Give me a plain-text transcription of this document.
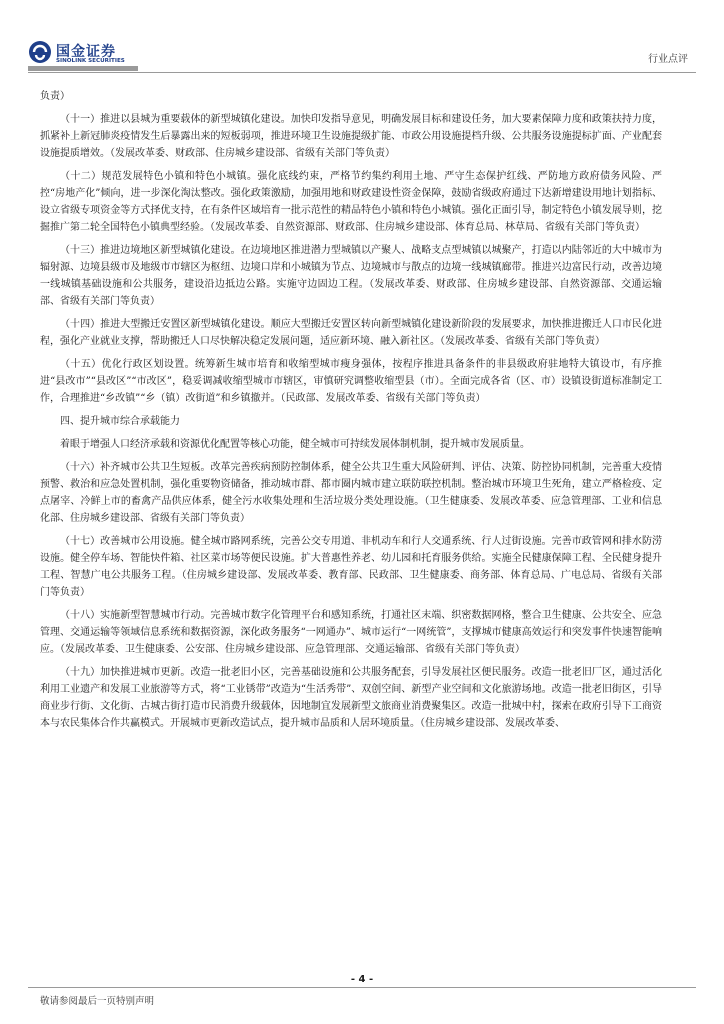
国金证券
SINOLINK SECURITIES	行业点评

负责）

（十一）推进以县城为重要载体的新型城镇化建设。加快印发指导意见，明确发展目标和建设任务，加大要素保障力度和政策扶持力度，抓紧补上新冠肺炎疫情发生后暴露出来的短板弱项，推进环境卫生设施提级扩能、市政公用设施提档升级、公共服务设施提标扩面、产业配套设施提质增效。（发展改革委、财政部、住房城乡建设部、省级有关部门等负责）

（十二）规范发展特色小镇和特色小城镇。强化底线约束，严格节约集约利用土地、严守生态保护红线、严防地方政府债务风险、严控“房地产化”倾向，进一步深化淘汰整改。强化政策激励，加强用地和财政建设性资金保障，鼓励省级政府通过下达新增建设用地计划指标、设立省级专项资金等方式择优支持，在有条件区域培育一批示范性的精品特色小镇和特色小城镇。强化正面引导，制定特色小镇发展导则，挖掘推广第二轮全国特色小镇典型经验。（发展改革委、自然资源部、财政部、住房城乡建设部、体育总局、林草局、省级有关部门等负责）

（十三）推进边境地区新型城镇化建设。在边境地区推进潜力型城镇以产聚人、战略支点型城镇以城聚产，打造以内陆邻近的大中城市为辐射源、边境县级市及地级市市辖区为枢纽、边境口岸和小城镇为节点、边境城市与散点的边境一线城镇廊带。推进兴边富民行动，改善边境一线城镇基础设施和公共服务，建设沿边抵边公路。实施守边固边工程。（发展改革委、财政部、住房城乡建设部、自然资源部、交通运输部、省级有关部门等负责）

（十四）推进大型搬迁安置区新型城镇化建设。顺应大型搬迁安置区转向新型城镇化建设新阶段的发展要求，加快推进搬迁人口市民化进程，强化产业就业支撑，帮助搬迁人口尽快解决稳定发展问题，适应新环境、融入新社区。（发展改革委、省级有关部门等负责）

（十五）优化行政区划设置。统筹新生城市培育和收缩型城市瘦身强体，按程序推进具备条件的非县级政府驻地特大镇设市，有序推进“县改市”“县改区”“市改区”，稳妥调减收缩型城市市辖区，审慎研究调整收缩型县（市）。全面完成各省（区、市）设镇设街道标准制定工作，合理推进“乡改镇”“乡（镇）改街道”和乡镇撤并。（民政部、发展改革委、省级有关部门等负责）

四、提升城市综合承载能力

着眼于增强人口经济承载和资源优化配置等核心功能，健全城市可持续发展体制机制，提升城市发展质量。

（十六）补齐城市公共卫生短板。改革完善疾病预防控制体系，健全公共卫生重大风险研判、评估、决策、防控协同机制，完善重大疫情预警、救治和应急处置机制，强化重要物资储备，推动城市群、都市圈内城市建立联防联控机制。整治城市环境卫生死角，建立严格检疫、定点屠宰、冷鲜上市的畜禽产品供应体系，健全污水收集处理和生活垃圾分类处理设施。（卫生健康委、发展改革委、应急管理部、工业和信息化部、住房城乡建设部、省级有关部门等负责）

（十七）改善城市公用设施。健全城市路网系统，完善公交专用道、非机动车和行人交通系统、行人过街设施。完善市政管网和排水防涝设施。健全停车场、智能快件箱、社区菜市场等便民设施。扩大普惠性养老、幼儿园和托育服务供给。实施全民健康保障工程、全民健身提升工程、智慧广电公共服务工程。（住房城乡建设部、发展改革委、教育部、民政部、卫生健康委、商务部、体育总局、广电总局、省级有关部门等负责）

（十八）实施新型智慧城市行动。完善城市数字化管理平台和感知系统，打通社区末端、织密数据网格，整合卫生健康、公共安全、应急管理、交通运输等领域信息系统和数据资源，深化政务服务“一网通办”、城市运行“一网统管”，支撑城市健康高效运行和突发事件快速智能响应。（发展改革委、卫生健康委、公安部、住房城乡建设部、应急管理部、交通运输部、省级有关部门等负责）

（十九）加快推进城市更新。改造一批老旧小区，完善基础设施和公共服务配套，引导发展社区便民服务。改造一批老旧厂区，通过活化利用工业遗产和发展工业旅游等方式，将“工业锈带”改造为“生活秀带”、双创空间、新型产业空间和文化旅游场地。改造一批老旧街区，引导商业步行街、文化街、古城古街打造市民消费升级载体，因地制宜发展新型文旅商业消费聚集区。改造一批城中村，探索在政府引导下工商资本与农民集体合作共赢模式。开展城市更新改造试点，提升城市品质和人居环境质量。（住房城乡建设部、发展改革委、

- 4 -
敬请参阅最后一页特别声明
